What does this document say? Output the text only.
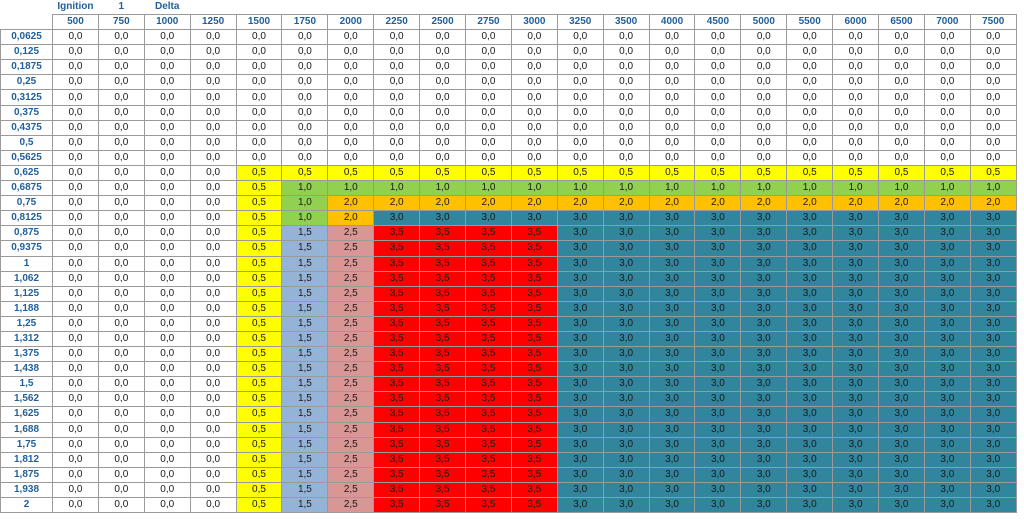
	Ignition	1	Delta																		
	500	750	1000	1250	1500	1750	2000	2250	2500	2750	3000	3250	3500	4000	4500	5000	5500	6000	6500	7000	7500
0,0625	0,0	0,0	0,0	0,0	0,0	0,0	0,0	0,0	0,0	0,0	0,0	0,0	0,0	0,0	0,0	0,0	0,0	0,0	0,0	0,0	0,0
0,125	0,0	0,0	0,0	0,0	0,0	0,0	0,0	0,0	0,0	0,0	0,0	0,0	0,0	0,0	0,0	0,0	0,0	0,0	0,0	0,0	0,0
0,1875	0,0	0,0	0,0	0,0	0,0	0,0	0,0	0,0	0,0	0,0	0,0	0,0	0,0	0,0	0,0	0,0	0,0	0,0	0,0	0,0	0,0
0,25	0,0	0,0	0,0	0,0	0,0	0,0	0,0	0,0	0,0	0,0	0,0	0,0	0,0	0,0	0,0	0,0	0,0	0,0	0,0	0,0	0,0
0,3125	0,0	0,0	0,0	0,0	0,0	0,0	0,0	0,0	0,0	0,0	0,0	0,0	0,0	0,0	0,0	0,0	0,0	0,0	0,0	0,0	0,0
0,375	0,0	0,0	0,0	0,0	0,0	0,0	0,0	0,0	0,0	0,0	0,0	0,0	0,0	0,0	0,0	0,0	0,0	0,0	0,0	0,0	0,0
0,4375	0,0	0,0	0,0	0,0	0,0	0,0	0,0	0,0	0,0	0,0	0,0	0,0	0,0	0,0	0,0	0,0	0,0	0,0	0,0	0,0	0,0
0,5	0,0	0,0	0,0	0,0	0,0	0,0	0,0	0,0	0,0	0,0	0,0	0,0	0,0	0,0	0,0	0,0	0,0	0,0	0,0	0,0	0,0
0,5625	0,0	0,0	0,0	0,0	0,0	0,0	0,0	0,0	0,0	0,0	0,0	0,0	0,0	0,0	0,0	0,0	0,0	0,0	0,0	0,0	0,0
0,625	0,0	0,0	0,0	0,0	0,5	0,5	0,5	0,5	0,5	0,5	0,5	0,5	0,5	0,5	0,5	0,5	0,5	0,5	0,5	0,5	0,5
0,6875	0,0	0,0	0,0	0,0	0,5	1,0	1,0	1,0	1,0	1,0	1,0	1,0	1,0	1,0	1,0	1,0	1,0	1,0	1,0	1,0	1,0
0,75	0,0	0,0	0,0	0,0	0,5	1,0	2,0	2,0	2,0	2,0	2,0	2,0	2,0	2,0	2,0	2,0	2,0	2,0	2,0	2,0	2,0
0,8125	0,0	0,0	0,0	0,0	0,5	1,0	2,0	3,0	3,0	3,0	3,0	3,0	3,0	3,0	3,0	3,0	3,0	3,0	3,0	3,0	3,0
0,875	0,0	0,0	0,0	0,0	0,5	1,5	2,5	3,5	3,5	3,5	3,5	3,0	3,0	3,0	3,0	3,0	3,0	3,0	3,0	3,0	3,0
0,9375	0,0	0,0	0,0	0,0	0,5	1,5	2,5	3,5	3,5	3,5	3,5	3,0	3,0	3,0	3,0	3,0	3,0	3,0	3,0	3,0	3,0
1	0,0	0,0	0,0	0,0	0,5	1,5	2,5	3,5	3,5	3,5	3,5	3,0	3,0	3,0	3,0	3,0	3,0	3,0	3,0	3,0	3,0
1,062	0,0	0,0	0,0	0,0	0,5	1,5	2,5	3,5	3,5	3,5	3,5	3,0	3,0	3,0	3,0	3,0	3,0	3,0	3,0	3,0	3,0
1,125	0,0	0,0	0,0	0,0	0,5	1,5	2,5	3,5	3,5	3,5	3,5	3,0	3,0	3,0	3,0	3,0	3,0	3,0	3,0	3,0	3,0
1,188	0,0	0,0	0,0	0,0	0,5	1,5	2,5	3,5	3,5	3,5	3,5	3,0	3,0	3,0	3,0	3,0	3,0	3,0	3,0	3,0	3,0
1,25	0,0	0,0	0,0	0,0	0,5	1,5	2,5	3,5	3,5	3,5	3,5	3,0	3,0	3,0	3,0	3,0	3,0	3,0	3,0	3,0	3,0
1,312	0,0	0,0	0,0	0,0	0,5	1,5	2,5	3,5	3,5	3,5	3,5	3,0	3,0	3,0	3,0	3,0	3,0	3,0	3,0	3,0	3,0
1,375	0,0	0,0	0,0	0,0	0,5	1,5	2,5	3,5	3,5	3,5	3,5	3,0	3,0	3,0	3,0	3,0	3,0	3,0	3,0	3,0	3,0
1,438	0,0	0,0	0,0	0,0	0,5	1,5	2,5	3,5	3,5	3,5	3,5	3,0	3,0	3,0	3,0	3,0	3,0	3,0	3,0	3,0	3,0
1,5	0,0	0,0	0,0	0,0	0,5	1,5	2,5	3,5	3,5	3,5	3,5	3,0	3,0	3,0	3,0	3,0	3,0	3,0	3,0	3,0	3,0
1,562	0,0	0,0	0,0	0,0	0,5	1,5	2,5	3,5	3,5	3,5	3,5	3,0	3,0	3,0	3,0	3,0	3,0	3,0	3,0	3,0	3,0
1,625	0,0	0,0	0,0	0,0	0,5	1,5	2,5	3,5	3,5	3,5	3,5	3,0	3,0	3,0	3,0	3,0	3,0	3,0	3,0	3,0	3,0
1,688	0,0	0,0	0,0	0,0	0,5	1,5	2,5	3,5	3,5	3,5	3,5	3,0	3,0	3,0	3,0	3,0	3,0	3,0	3,0	3,0	3,0
1,75	0,0	0,0	0,0	0,0	0,5	1,5	2,5	3,5	3,5	3,5	3,5	3,0	3,0	3,0	3,0	3,0	3,0	3,0	3,0	3,0	3,0
1,812	0,0	0,0	0,0	0,0	0,5	1,5	2,5	3,5	3,5	3,5	3,5	3,0	3,0	3,0	3,0	3,0	3,0	3,0	3,0	3,0	3,0
1,875	0,0	0,0	0,0	0,0	0,5	1,5	2,5	3,5	3,5	3,5	3,5	3,0	3,0	3,0	3,0	3,0	3,0	3,0	3,0	3,0	3,0
1,938	0,0	0,0	0,0	0,0	0,5	1,5	2,5	3,5	3,5	3,5	3,5	3,0	3,0	3,0	3,0	3,0	3,0	3,0	3,0	3,0	3,0
2	0,0	0,0	0,0	0,0	0,5	1,5	2,5	3,5	3,5	3,5	3,5	3,0	3,0	3,0	3,0	3,0	3,0	3,0	3,0	3,0	3,0
